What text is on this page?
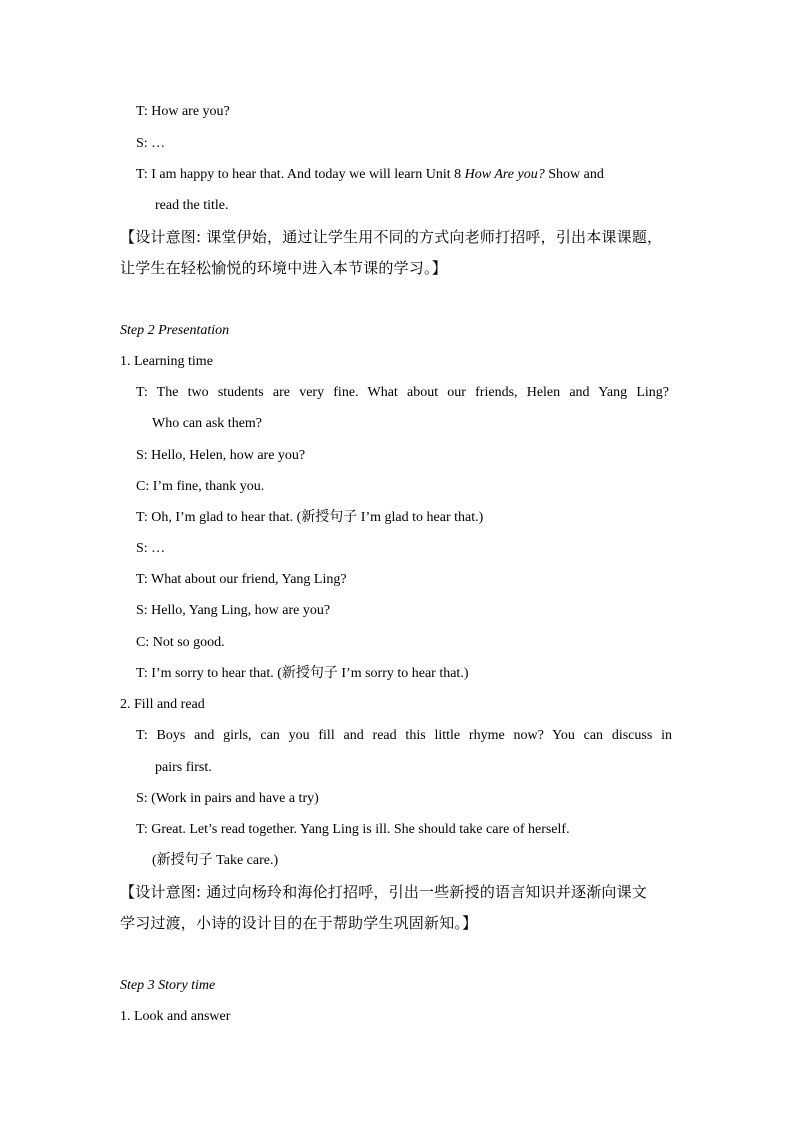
T: How are you?
S: …
T: I am happy to hear that. And today we will learn Unit 8 How Are you? Show and
read the title.
【设计意图: 课堂伊始，通过让学生用不同的方式向老师打招呼，引出本课课题，
让学生在轻松愉悦的环境中进入本节课的学习。】
Step 2 Presentation
1. Learning time
T: The two students are very fine. What about our friends, Helen and Yang Ling?
Who can ask them?
S: Hello, Helen, how are you?
C: I’m fine, thank you.
T: Oh, I’m glad to hear that. (新授句子 I’m glad to hear that.)
S: …
T: What about our friend, Yang Ling?
S: Hello, Yang Ling, how are you?
C: Not so good.
T: I’m sorry to hear that. (新授句子 I’m sorry to hear that.)
2. Fill and read
T: Boys and girls, can you fill and read this little rhyme now? You can discuss in
pairs first.
S: (Work in pairs and have a try)
T: Great. Let’s read together. Yang Ling is ill. She should take care of herself.
(新授句子 Take care.)
【设计意图: 通过向杨玲和海伦打招呼，引出一些新授的语言知识并逐渐向课文
学习过渡，小诗的设计目的在于帮助学生巩固新知。】
Step 3 Story time
1. Look and answer
